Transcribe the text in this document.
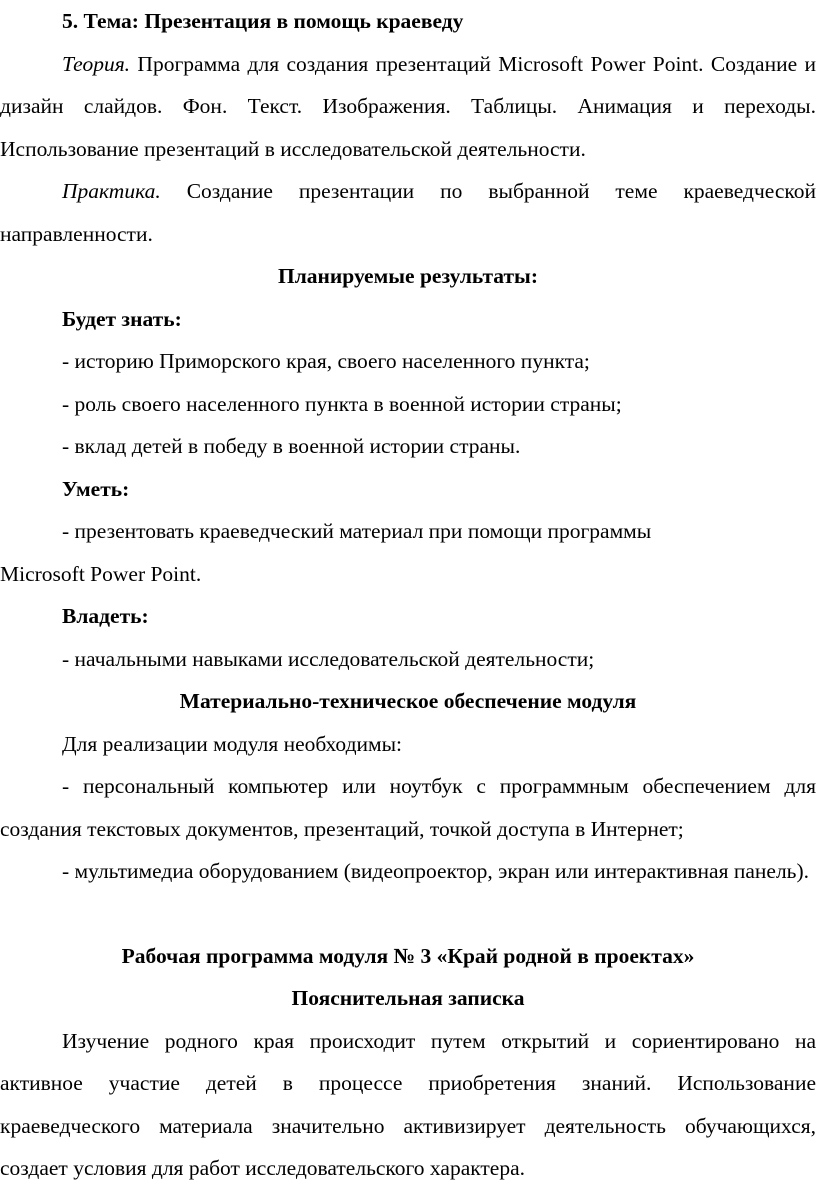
5. Тема: Презентация в помощь краеведу

Теория. Программа для создания презентаций Microsoft Power Point. Создание и дизайн слайдов. Фон. Текст. Изображения. Таблицы. Анимация и переходы. Использование презентаций в исследовательской деятельности.

Практика. Создание презентации по выбранной теме краеведческой направленности.

Планируемые результаты:

Будет знать:

- историю Приморского края, своего населенного пункта;

- роль своего населенного пункта в военной истории страны;

- вклад детей в победу в военной истории страны.

Уметь:

- презентовать краеведческий материал при помощи программы Microsoft Power Point.

Владеть:

- начальными навыками исследовательской деятельности;

Материально-техническое обеспечение модуля

Для реализации модуля необходимы:

- персональный компьютер или ноутбук с программным обеспечением для создания текстовых документов, презентаций, точкой доступа в Интернет;

- мультимедиа оборудованием (видеопроектор, экран или интерактивная панель).

Рабочая программа модуля № 3 «Край родной в проектах»

Пояснительная записка

Изучение родного края происходит путем открытий и сориентировано на активное участие детей в процессе приобретения знаний. Использование краеведческого материала значительно активизирует деятельность обучающихся, создает условия для работ исследовательского характера.
